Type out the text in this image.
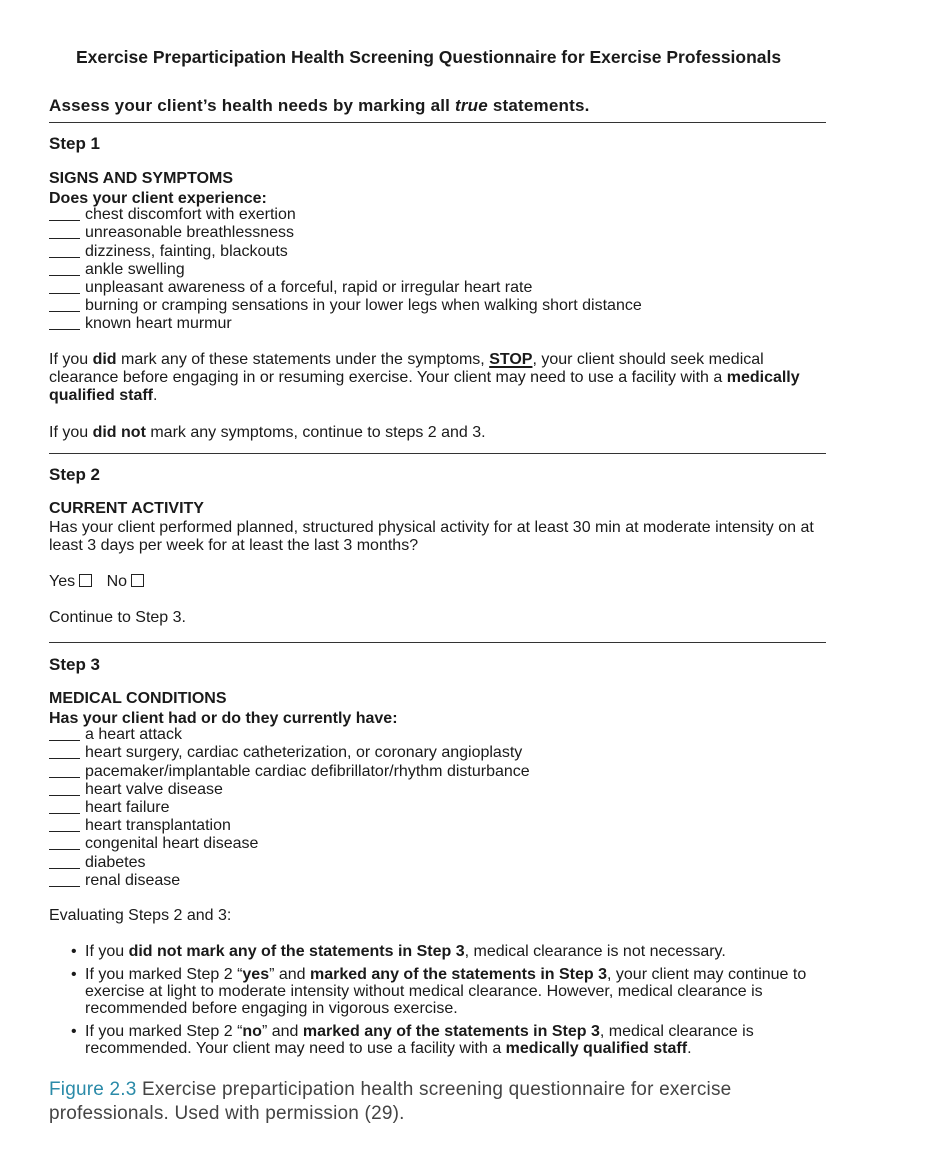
Exercise Preparticipation Health Screening Questionnaire for Exercise Professionals
Assess your client’s health needs by marking all true statements.
Step 1
SIGNS AND SYMPTOMS
Does your client experience:
chest discomfort with exertion
unreasonable breathlessness
dizziness, fainting, blackouts
ankle swelling
unpleasant awareness of a forceful, rapid or irregular heart rate
burning or cramping sensations in your lower legs when walking short distance
known heart murmur

If you did mark any of these statements under the symptoms, STOP, your client should seek medical clearance before engaging in or resuming exercise. Your client may need to use a facility with a medically qualified staff.

If you did not mark any symptoms, continue to steps 2 and 3.

Step 2
CURRENT ACTIVITY

Has your client performed planned, structured physical activity for at least 30 min at moderate intensity on at least 3 days per week for at least the last 3 months?

Yes No
Continue to Step 3.
Step 3
MEDICAL CONDITIONS
Has your client had or do they currently have:
a heart attack
heart surgery, cardiac catheterization, or coronary angioplasty
pacemaker/implantable cardiac defibrillator/rhythm disturbance
heart valve disease
heart failure
heart transplantation
congenital heart disease
diabetes
renal disease
Evaluating Steps 2 and 3:
• If you did not mark any of the statements in Step 3, medical clearance is not necessary.
• If you marked Step 2 “yes” and marked any of the statements in Step 3, your client may continue to exercise at light to moderate intensity without medical clearance. However, medical clearance is recommended before engaging in vigorous exercise.
• If you marked Step 2 “no” and marked any of the statements in Step 3, medical clearance is recommended. Your client may need to use a facility with a medically qualified staff.
Figure 2.3 Exercise preparticipation health screening questionnaire for exercise professionals. Used with permission (29).
